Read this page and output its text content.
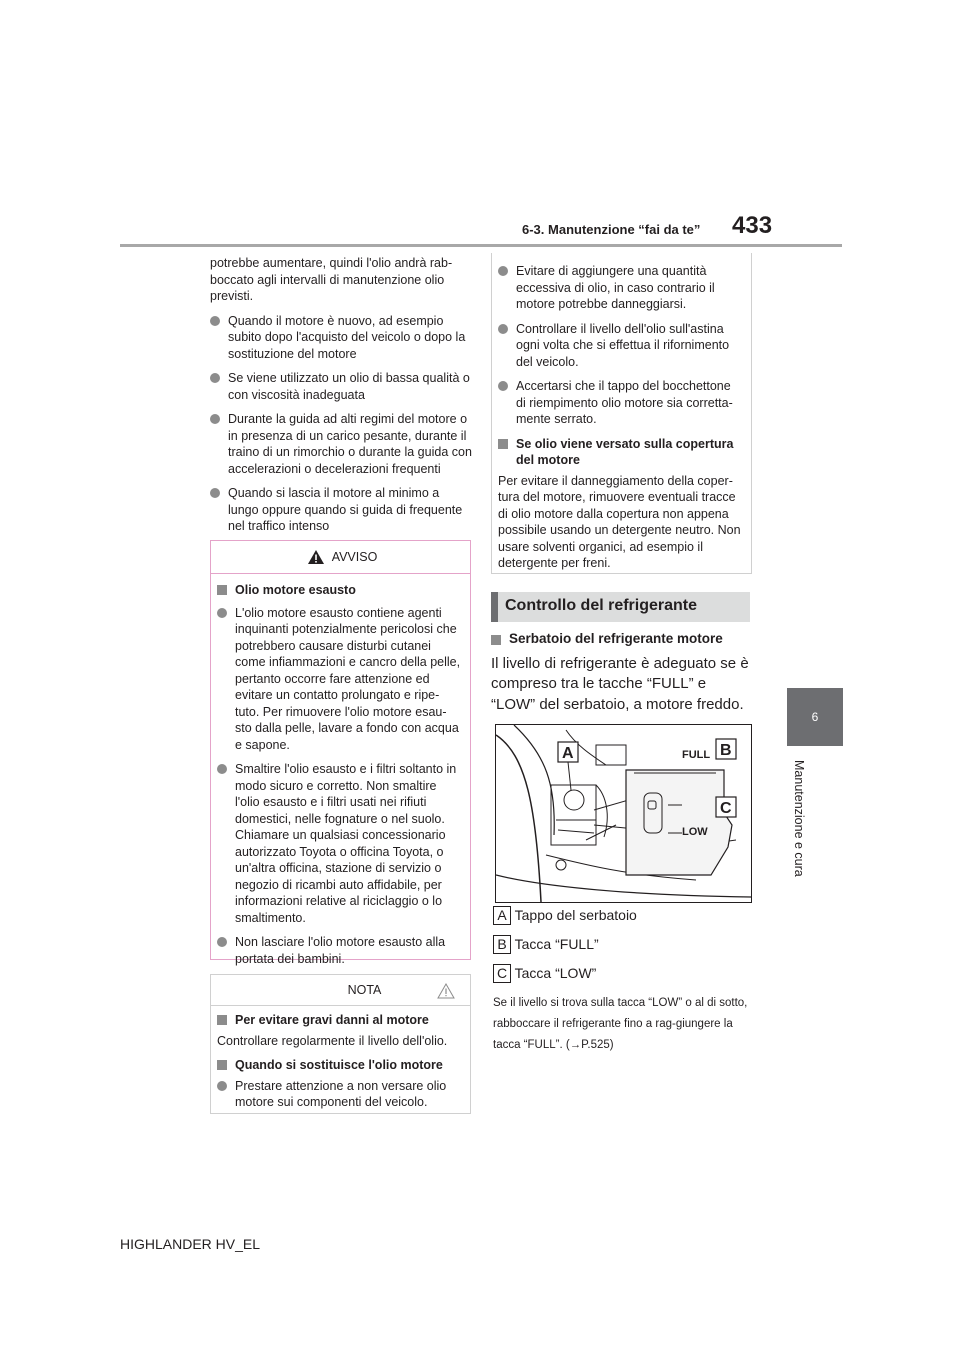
6-3. Manutenzione “fai da te” 433
6
Manutenzione e cura

potrebbe aumentare, quindi l'olio andrà rab-boccato agli intervalli di manutenzione olio previsti.

Quando il motore è nuovo, ad esempio subito dopo l'acquisto del veicolo o dopo la sostituzione del motore
Se viene utilizzato un olio di bassa qualità o con viscosità inadeguata
Durante la guida ad alti regimi del motore o in presenza di un carico pesante, durante il traino di un rimorchio o durante la guida con accelerazioni o decelerazioni frequenti
Quando si lascia il motore al minimo a lungo oppure quando si guida di frequente nel traffico intenso
AVVISO
Olio motore esausto
L'olio motore esausto contiene agenti inquinanti potenzialmente pericolosi che potrebbero causare disturbi cutanei come infiammazioni e cancro della pelle, pertanto occorre fare attenzione ed evitare un contatto prolungato e ripe-tuto. Per rimuovere l'olio motore esau-sto dalla pelle, lavare a fondo con acqua e sapone.
Smaltire l'olio esausto e i filtri soltanto in modo sicuro e corretto. Non smaltire l'olio esausto e i filtri usati nei rifiuti domestici, nelle fognature o nel suolo. Chiamare un qualsiasi concessionario autorizzato Toyota o officina Toyota, o un'altra officina, stazione di servizio o negozio di ricambi auto affidabile, per informazioni relative al riciclaggio o lo smaltimento.
Non lasciare l'olio motore esausto alla portata dei bambini.
NOTA
Per evitare gravi danni al motore

Controllare regolarmente il livello dell'olio.

Quando si sostituisce l'olio motore
Prestare attenzione a non versare olio motore sui componenti del veicolo.
Evitare di aggiungere una quantità eccessiva di olio, in caso contrario il motore potrebbe danneggiarsi.
Controllare il livello dell'olio sull'astina ogni volta che si effettua il rifornimento del veicolo.
Accertarsi che il tappo del bocchettone di riempimento olio motore sia corretta-mente serrato.
Se olio viene versato sulla copertura del motore

Per evitare il danneggiamento della coper-tura del motore, rimuovere eventuali tracce di olio motore dalla copertura non appena possibile usando un detergente neutro. Non usare solventi organici, ad esempio il detergente per freni.

Controllo del refrigerante
Serbatoio del refrigerante motore

Il livello di refrigerante è adeguato se è compreso tra le tacche “FULL” e “LOW” del serbatoio, a motore freddo.

FULL
LOW
A	B
C
A Tappo del serbatoio
B Tacca “FULL”
C Tacca “LOW”

Se il livello si trova sulla tacca “LOW” o al di sotto, rabboccare il refrigerante fino a rag-giungere la tacca “FULL”. (→P.525)

HIGHLANDER HV_EL
